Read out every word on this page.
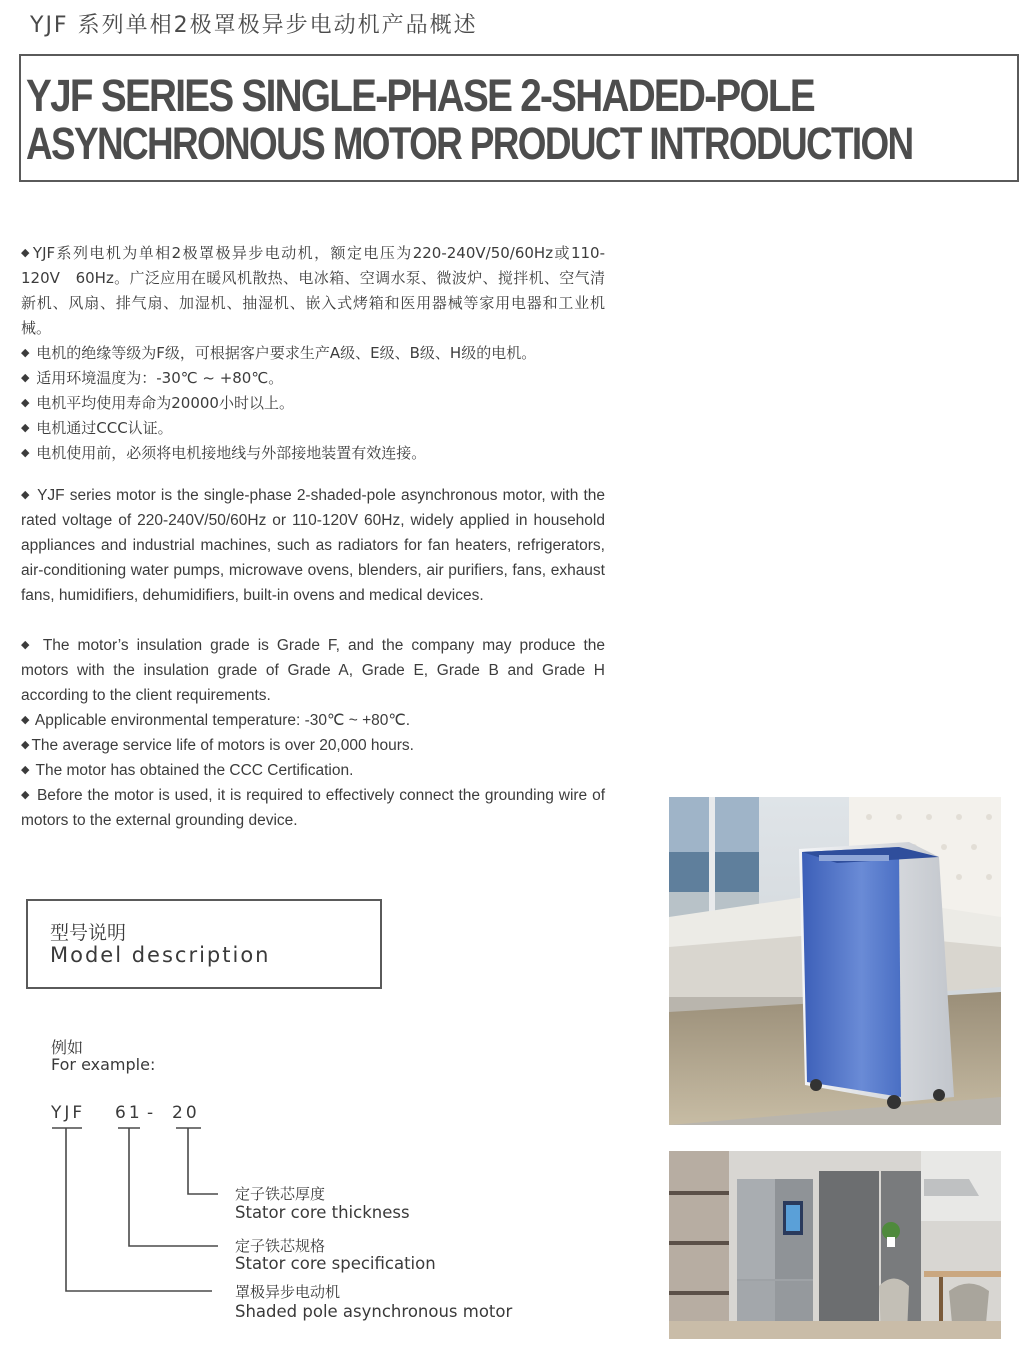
YJF 系列单相2极罩极异步电动机产品概述
YJF SERIES SINGLE-PHASE 2-SHADED-POLE
ASYNCHRONOUS MOTOR PRODUCT INTRODUCTION

◆ YJF系列电机为单相2极罩极异步电动机，额定电压为220-240V/50/60Hz或110-120V　60Hz。广泛应用在暖风机散热、电冰箱、空调水泵、微波炉、搅拌机、空气清新机、风扇、排气扇、加湿机、抽湿机、嵌入式烤箱和医用器械等家用电器和工业机械。

◆ 电机的绝缘等级为F级，可根据客户要求生产A级、E级、B级、H级的电机。

◆ 适用环境温度为：-30℃ ~ +80℃。

◆ 电机平均使用寿命为20000小时以上。

◆ 电机通过CCC认证。

◆ 电机使用前，必须将电机接地线与外部接地装置有效连接。

◆ YJF series motor is the single-phase 2-shaded-pole asynchronous motor, with the rated voltage of 220-240V/50/60Hz or 110-120V 60Hz, widely applied in household appliances and industrial machines, such as radiators for fan heaters, refrigerators, air-conditioning water pumps, microwave ovens, blenders, air purifiers, fans, exhaust fans, humidifiers, dehumidifiers, built-in ovens and medical devices.

◆ The motor’s insulation grade is Grade F, and the company may produce the motors with the insulation grade of Grade A, Grade E, Grade B and Grade H according to the client requirements.

◆ Applicable environmental temperature: -30℃ ~ +80℃.

◆ The average service life of motors is over 20,000 hours.

◆ The motor has obtained the CCC Certification.

◆ Before the motor is used, it is required to effectively connect the grounding wire of motors to the external grounding device.

型号说明
Model description
例如
For example:
YJF 61 - 20
定子铁芯厚度
Stator core thickness
定子铁芯规格
Stator core specification
罩极异步电动机
Shaded pole asynchronous motor
